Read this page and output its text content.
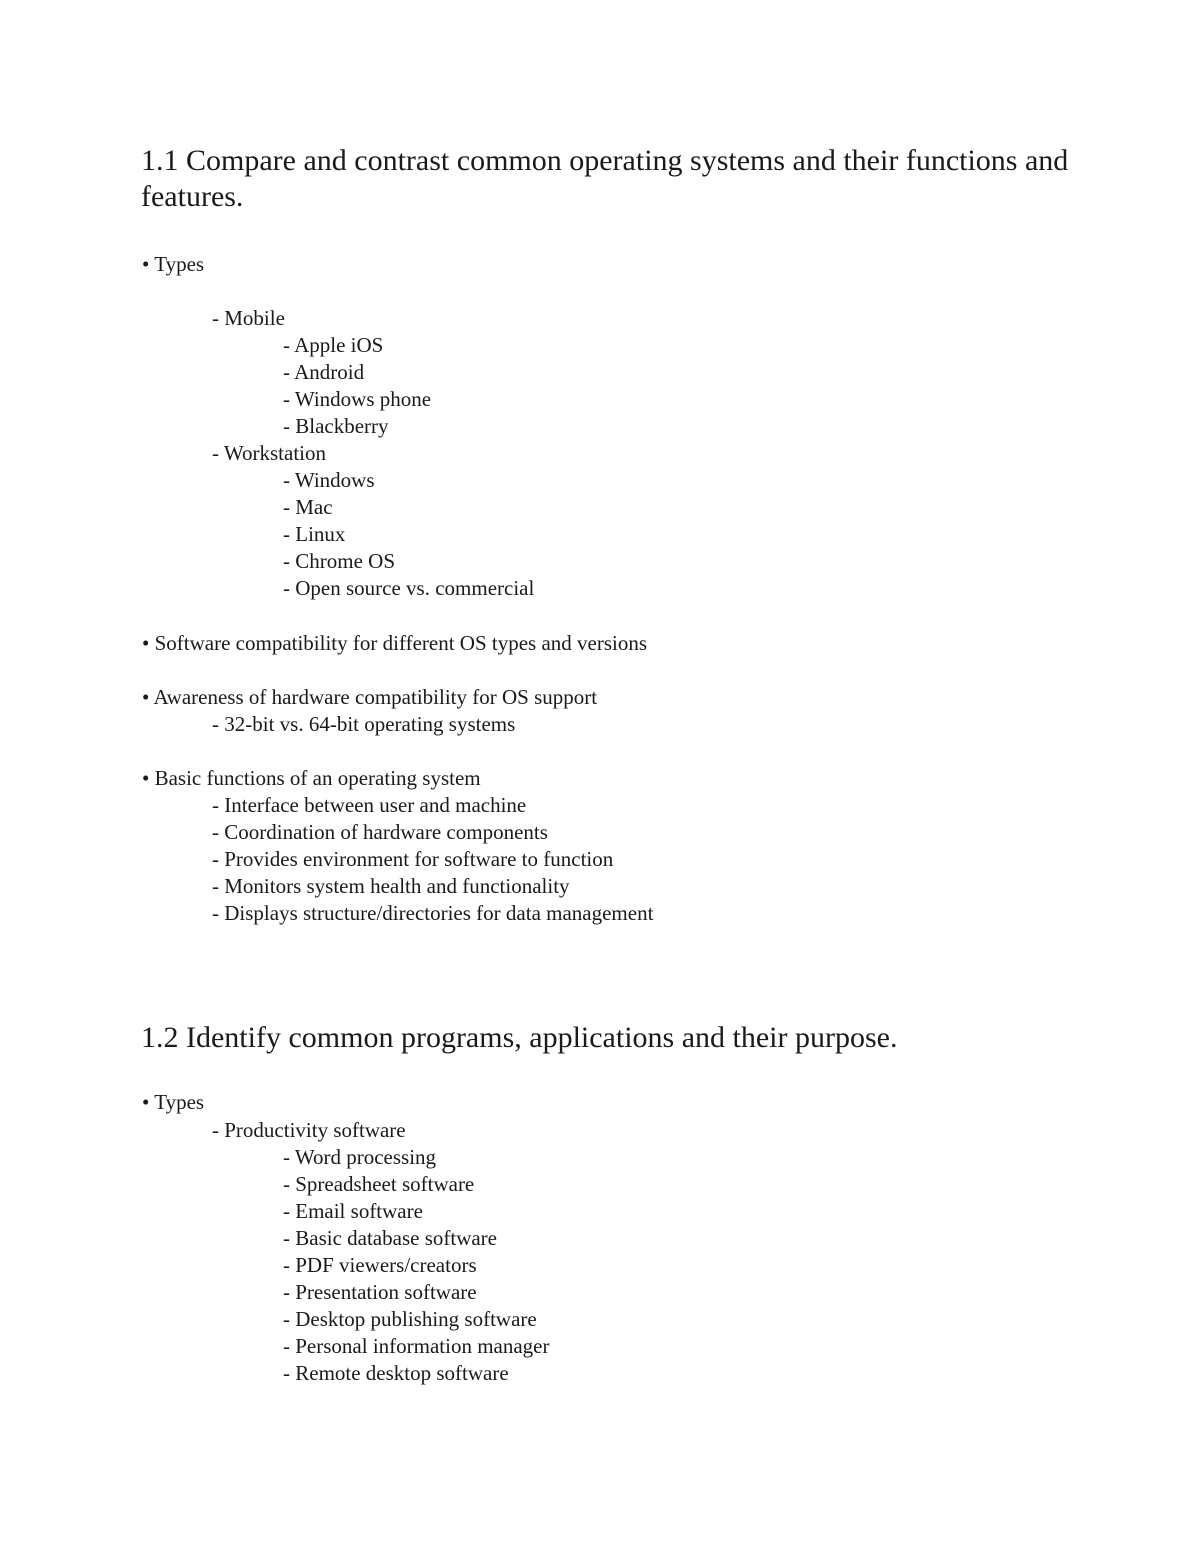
1.1 Compare and contrast common operating systems and their functions and features.
• Types
- Mobile
- Apple iOS
- Android
- Windows phone
- Blackberry
- Workstation
- Windows
- Mac
- Linux
- Chrome OS
- Open source vs. commercial
• Software compatibility for different OS types and versions
• Awareness of hardware compatibility for OS support
- 32-bit vs. 64-bit operating systems
• Basic functions of an operating system
- Interface between user and machine
- Coordination of hardware components
- Provides environment for software to function
- Monitors system health and functionality
- Displays structure/directories for data management
1.2 Identify common programs, applications and their purpose.
• Types
- Productivity software
- Word processing
- Spreadsheet software
- Email software
- Basic database software
- PDF viewers/creators
- Presentation software
- Desktop publishing software
- Personal information manager
- Remote desktop software
